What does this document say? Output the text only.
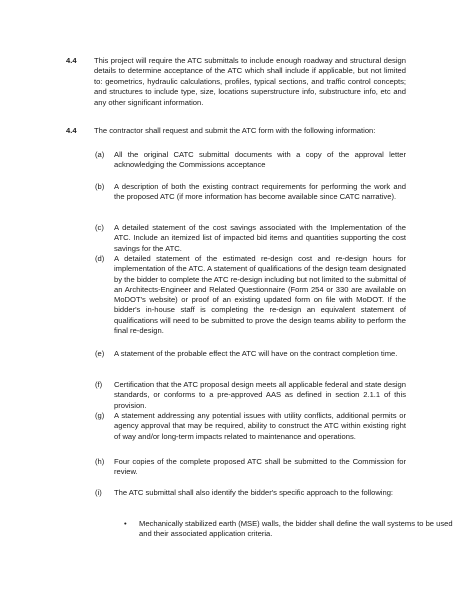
4.4 This project will require the ATC submittals to include enough roadway and structural design details to determine acceptance of the ATC which shall include if applicable, but not limited to: geometrics, hydraulic calculations, profiles, typical sections, and traffic control concepts; and structures to include type, size, locations superstructure info, substructure info, etc and any other significant information.
4.4 The contractor shall request and submit the ATC form with the following information:
(a) All the original CATC submittal documents with a copy of the approval letter acknowledging the Commissions acceptance
(b) A description of both the existing contract requirements for performing the work and the proposed ATC (if more information has become available since CATC narrative).
(c) A detailed statement of the cost savings associated with the Implementation of the ATC. Include an itemized list of impacted bid items and quantities supporting the cost savings for the ATC.
(d) A detailed statement of the estimated re-design cost and re-design hours for implementation of the ATC. A statement of qualifications of the design team designated by the bidder to complete the ATC re-design including but not limited to the submittal of an Architects-Engineer and Related Questionnaire (Form 254 or 330 are available on MoDOT's website) or proof of an existing updated form on file with MoDOT. If the bidder's in-house staff is completing the re-design an equivalent statement of qualifications will need to be submitted to prove the design teams ability to perform the final re-design.
(e) A statement of the probable effect the ATC will have on the contract completion time.
(f) Certification that the ATC proposal design meets all applicable federal and state design standards, or conforms to a pre-approved AAS as defined in section 2.1.1 of this provision.
(g) A statement addressing any potential issues with utility conflicts, additional permits or agency approval that may be required, ability to construct the ATC within existing right of way and/or long-term impacts related to maintenance and operations.
(h) Four copies of the complete proposed ATC shall be submitted to the Commission for review.
(i) The ATC submittal shall also identify the bidder's specific approach to the following:
• Mechanically stabilized earth (MSE) walls, the bidder shall define the wall systems to be used and their associated application criteria.
